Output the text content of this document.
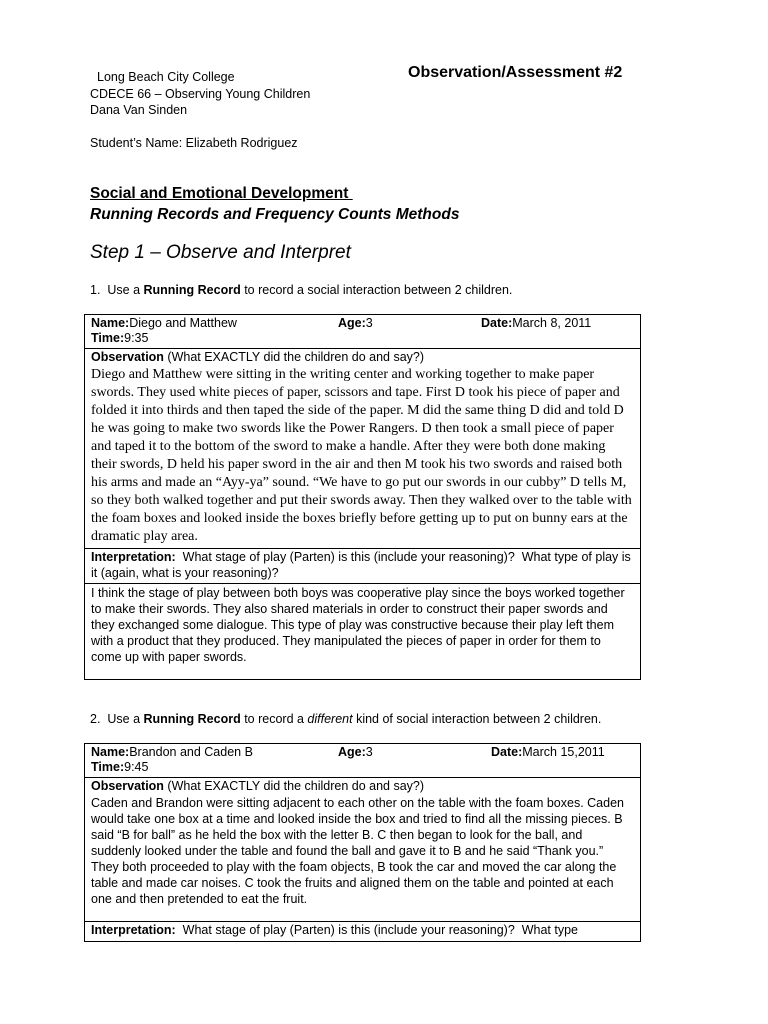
Long Beach City College
CDECE 66 – Observing Young Children
Dana Van Sinden
Student’s Name: Elizabeth Rodriguez
Observation/Assessment #2
Social and Emotional Development
Running Records and Frequency Counts Methods
Step 1 – Observe and Interpret
1.  Use a Running Record to record a social interaction between 2 children.
Name: Diego and Matthew	Age: 3	Date: March 8, 2011
Time: 9:35

Observation (What EXACTLY did the children do and say?)
Diego and Matthew were sitting in the writing center and working together to make paper swords. They used white pieces of paper, scissors and tape. First D took his piece of paper and folded it into thirds and then taped the side of the paper. M did the same thing D did and told D he was going to make two swords like the Power Rangers. D then took a small piece of paper and taped it to the bottom of the sword to make a handle. After they were both done making their swords, D held his paper sword in the air and then M took his two swords and raised both his arms and made an “Ayy-ya” sound. “We have to go put our swords in our cubby” D tells M, so they both walked together and put their swords away. Then they walked over to the table with the foam boxes and looked inside the boxes briefly before getting up to put on bunny ears at the dramatic play area.

Interpretation:  What stage of play (Parten) is this (include your reasoning)?  What type of play is it (again, what is your reasoning)?

I think the stage of play between both boys was cooperative play since the boys worked together to make their swords. They also shared materials in order to construct their paper swords and they exchanged some dialogue. This type of play was constructive because their play left them with a product that they produced. They manipulated the pieces of paper in order for them to come up with paper swords.
2.  Use a Running Record to record a different kind of social interaction between 2 children.
Name: Brandon and Caden B	Age: 3	Date: March 15,2011
Time: 9:45

Observation (What EXACTLY did the children do and say?)
Caden and Brandon were sitting adjacent to each other on the table with the foam boxes. Caden would take one box at a time and looked inside the box and tried to find all the missing pieces. B said “B for ball” as he held the box with the letter B. C then began to look for the ball, and suddenly looked under the table and found the ball and gave it to B and he said “Thank you.” They both proceeded to play with the foam objects, B took the car and moved the car along the table and made car noises. C took the fruits and aligned them on the table and pointed at each one and then pretended to eat the fruit.

Interpretation:  What stage of play (Parten) is this (include your reasoning)?  What type
